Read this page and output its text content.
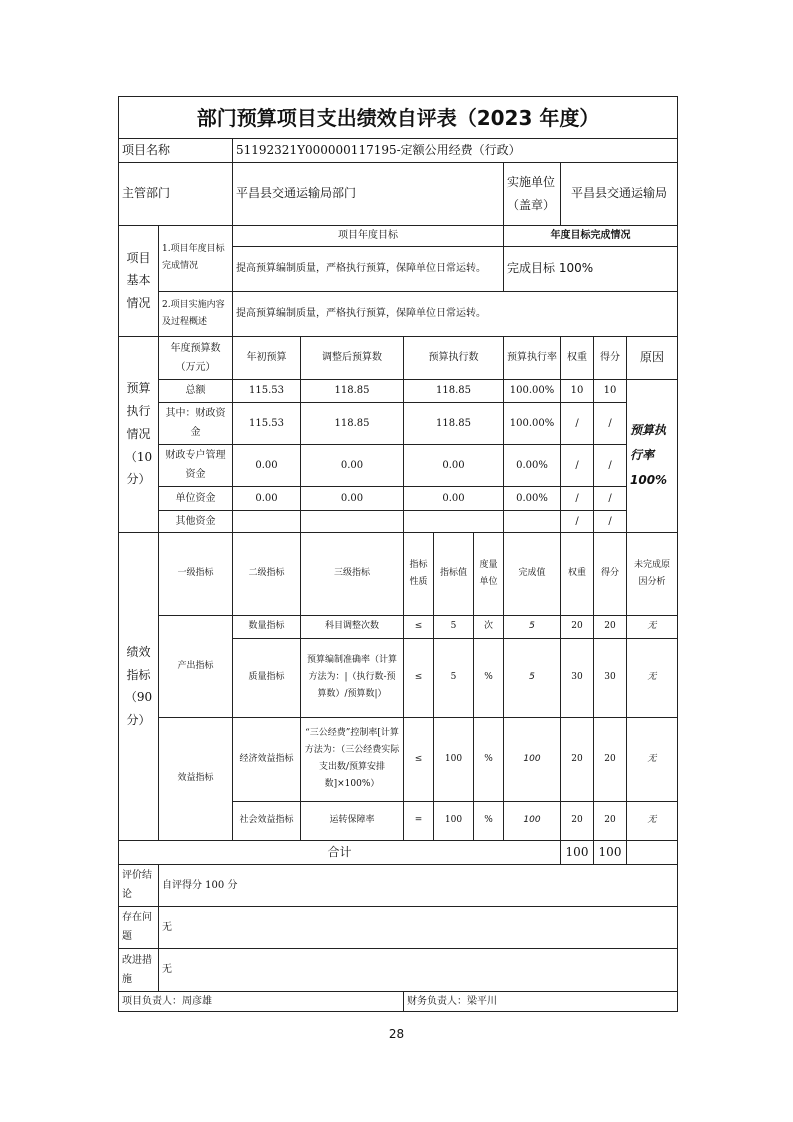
部门预算项目支出绩效自评表（2023 年度）										
项目名称		51192321Y000000117195-定额公用经费（行政）								
主管部门		平昌县交通运输局部门					实施单位（盖章）	平昌县交通运输局		
项目基本情况	1.项目年度目标完成情况	项目年度目标					年度目标完成情况			
		提高预算编制质量，严格执行预算，保障单位日常运转。					完成目标 100%			
	2.项目实施内容及过程概述	提高预算编制质量，严格执行预算，保障单位日常运转。								
预算执行情况（10分）	年度预算数（万元）	年初预算	调整后预算数	预算执行数			预算执行率	权重	得分	原因
	总额	115.53	118.85	118.85			100.00%	10	10	预算执行率100%
	其中：财政资金	115.53	118.85	118.85			100.00%	/	/	
	财政专户管理资金	0.00	0.00	0.00			0.00%	/	/	
	单位资金	0.00	0.00	0.00			0.00%	/	/	
	其他资金							/	/	
绩效指标（90分）	一级指标	二级指标	三级指标	指标性质	指标值	度量单位	完成值	权重	得分	未完成原因分析
	产出指标	数量指标	科目调整次数	≤	5	次	5	20	20	无
		质量指标	预算编制准确率（计算方法为：|（执行数-预算数）/预算数|）	≤	5	%	5	30	30	无
	效益指标	经济效益指标	“三公经费”控制率[计算方法为：（三公经费实际支出数/预算安排数]×100%）	≤	100	%	100	20	20	无
		社会效益指标	运转保障率	=	100	%	100	20	20	无
合计								100	100	
评价结论	自评得分 100 分									
存在问题	无									
改进措施	无									
项目负责人：周彦雄				财务负责人：梁平川						
28
